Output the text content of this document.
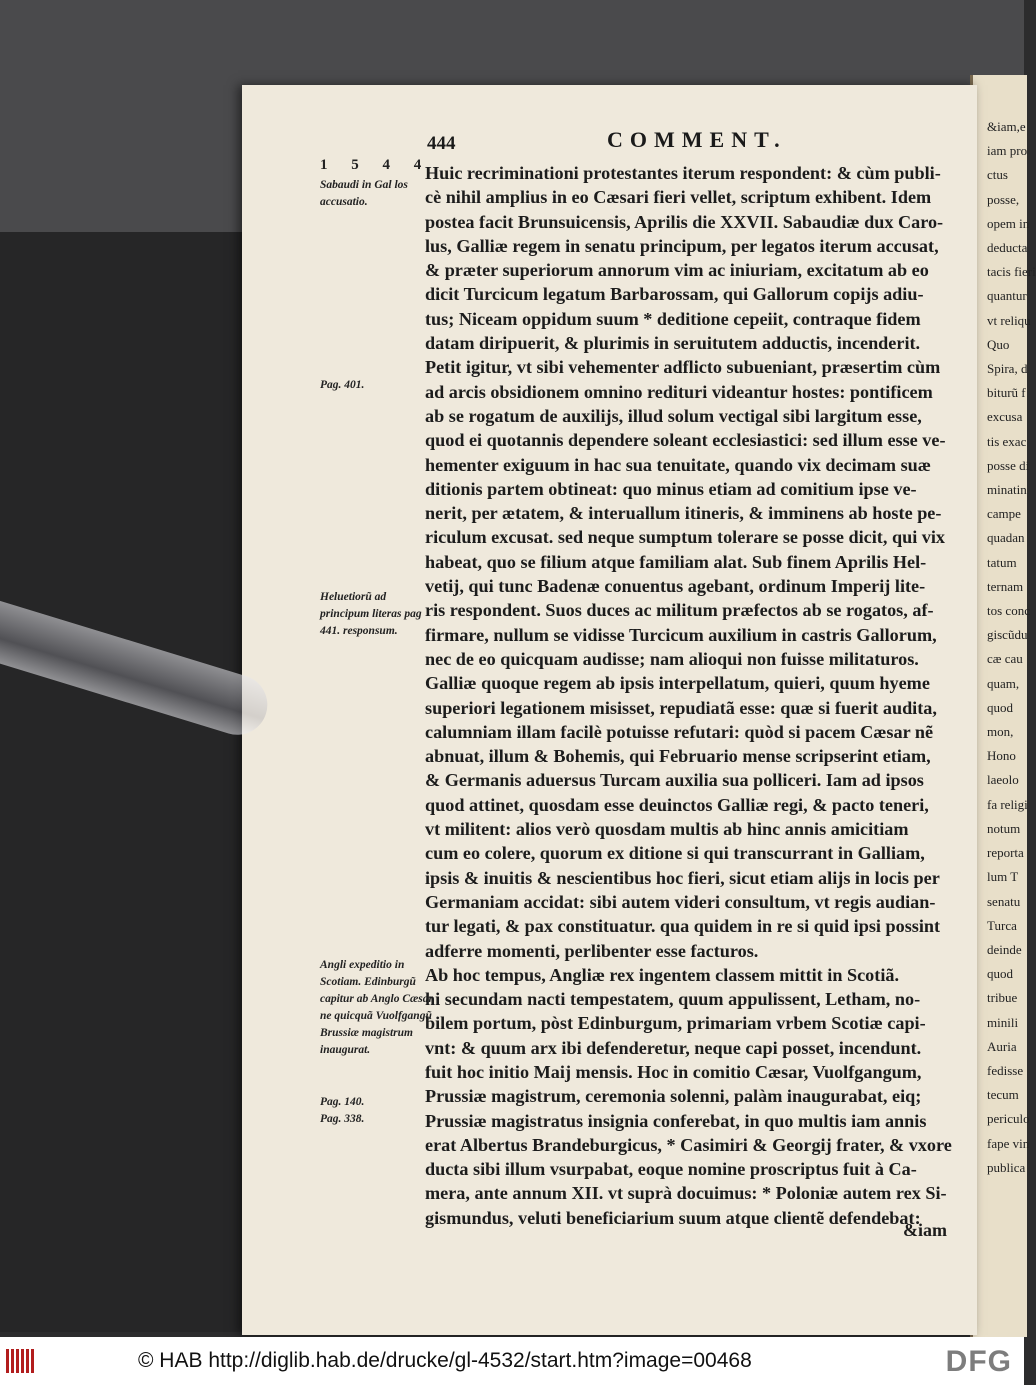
&iam,e
iam pro
ctus
posse,
opem in
deducta
tacis fieri
quantur
vt reliqu
Quo
Spira, d
biturũ f
excusa
tis exac
posse di
minatin
campe
quadan
tatum
ternam
tos conc
giscũdu
cæ cau
quam,
quod
mon,
Hono
laeolo
fa religi
notum
reporta
lum T
senatu
Turca
deinde
quod
tribue
minili
Auria
fedisse
tecum
periculo
fape vin
publica
444	COMMENT.
1 5 4 4
Sabaudi in Gal los accusatio.
Pag. 401.
Heluetiorũ ad principum literas pag 441. responsum.
Angli expeditio in Scotiam. Edinburgũ capitur ab Anglo Cæsar ne quicquã Vuolfgangũ Brussiæ magistrum inaugurat.
Pag. 140.
Pag. 338.
Huic recriminationi protestantes iterum respondent: & cùm publi-
cè nihil amplius in eo Cæsari fieri vellet, scriptum exhibent. Idem
postea facit Brunsuicensis, Aprilis die XXVII. Sabaudiæ dux Caro-
lus, Galliæ regem in senatu principum, per legatos iterum accusat,
& præter superiorum annorum vim ac iniuriam, excitatum ab eo
dicit Turcicum legatum Barbarossam, qui Gallorum copijs adiu-
tus; Niceam oppidum suum * deditione cepeiit, contraque fidem
datam diripuerit, & plurimis in seruitutem adductis, incenderit.
Petit igitur, vt sibi vehementer adflicto subueniant, præsertim cùm
ad arcis obsidionem omnino redituri videantur hostes: pontificem
ab se rogatum de auxilijs, illud solum vectigal sibi largitum esse,
quod ei quotannis dependere soleant ecclesiastici: sed illum esse ve-
hementer exiguum in hac sua tenuitate, quando vix decimam suæ
ditionis partem obtineat: quo minus etiam ad comitium ipse ve-
nerit, per ætatem, & interuallum itineris, & imminens ab hoste pe-
riculum excusat. sed neque sumptum tolerare se posse dicit, qui vix
habeat, quo se filium atque familiam alat. Sub finem Aprilis Hel-
vetij, qui tunc Badenæ conuentus agebant, ordinum Imperij lite-
ris respondent. Suos duces ac militum præfectos ab se rogatos, af-
firmare, nullum se vidisse Turcicum auxilium in castris Gallorum,
nec de eo quicquam audisse; nam alioqui non fuisse militaturos.
Galliæ quoque regem ab ipsis interpellatum, quieri, quum hyeme
superiori legationem misisset, repudiatã esse: quæ si fuerit audita,
calumniam illam facilè potuisse refutari: quòd si pacem Cæsar nẽ
abnuat, illum & Bohemis, qui Februario mense scripserint etiam,
& Germanis aduersus Turcam auxilia sua polliceri. Iam ad ipsos
quod attinet, quosdam esse deuinctos Galliæ regi, & pacto teneri,
vt militent: alios verò quosdam multis ab hinc annis amicitiam
cum eo colere, quorum ex ditione si qui transcurrant in Galliam,
ipsis & inuitis & nescientibus hoc fieri, sicut etiam alijs in locis per
Germaniam accidat: sibi autem videri consultum, vt regis audian-
tur legati, & pax constituatur. qua quidem in re si quid ipsi possint
adferre momenti, perlibenter esse facturos.
Ab hoc tempus, Angliæ rex ingentem classem mittit in Scotiã.
hi secundam nacti tempestatem, quum appulissent, Letham, no-
bilem portum, pòst Edinburgum, primariam vrbem Scotiæ capi-
vnt: & quum arx ibi defenderetur, neque capi posset, incendunt.
fuit hoc initio Maij mensis. Hoc in comitio Cæsar, Vuolfgangum,
Prussiæ magistrum, ceremonia solenni, palàm inaugurabat, eiq;
Prussiæ magistratus insignia conferebat, in quo multis iam annis
erat Albertus Brandeburgicus, * Casimiri & Georgij frater, & vxore
ducta sibi illum vsurpabat, eoque nomine proscriptus fuit à Ca-
mera, ante annum XII. vt suprà docuimus: * Poloniæ autem rex Si-
gismundus, veluti beneficiarium suum atque clientẽ defendebat:
&iam
© HAB http://diglib.hab.de/drucke/gl-4532/start.htm?image=00468	DFG
